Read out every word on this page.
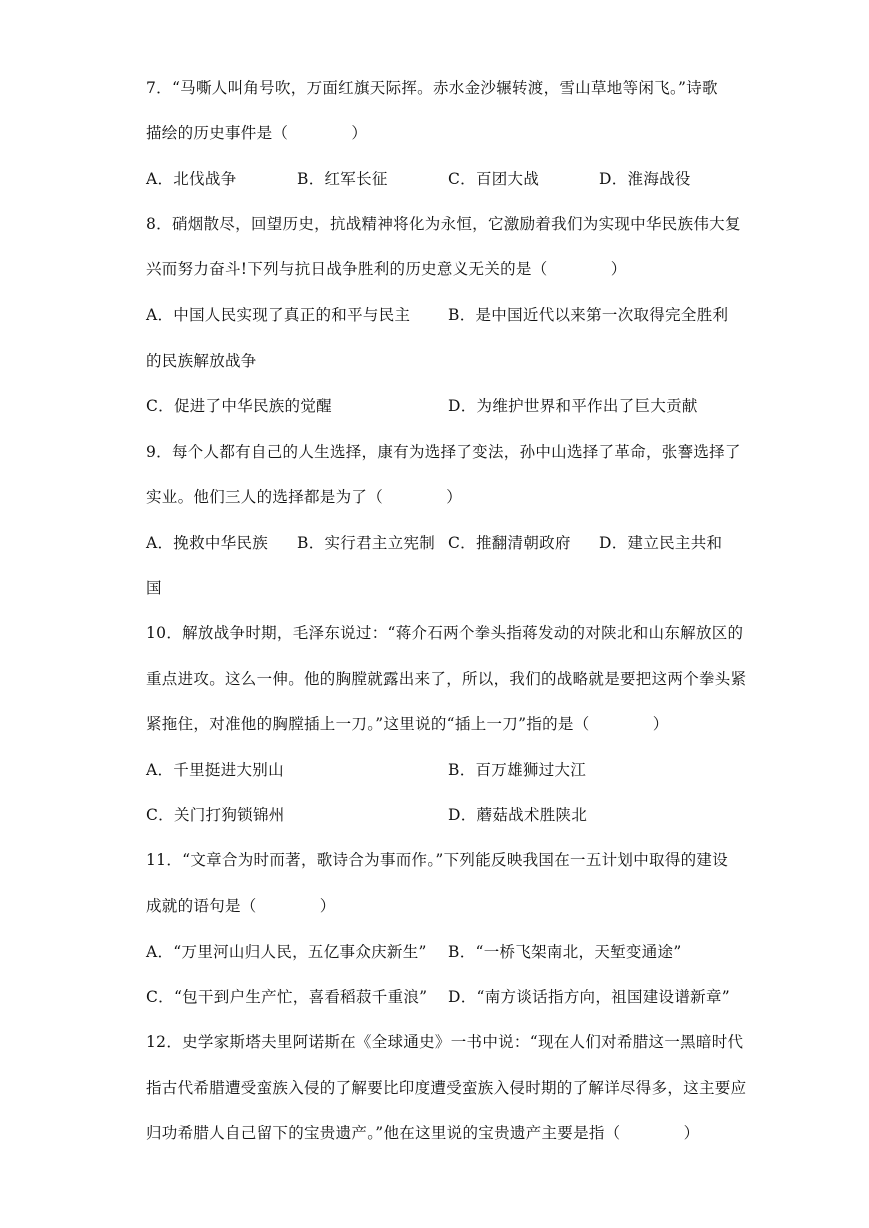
7．“马嘶人叫角号吹，万面红旗天际挥。赤水金沙辗转渡，雪山草地等闲飞。”诗歌
描绘的历史事件是（　　　　）
A．北伐战争	B．红军长征	C．百团大战	D．淮海战役
8．硝烟散尽，回望历史，抗战精神将化为永恒，它激励着我们为实现中华民族伟大复
兴而努力奋斗!下列与抗日战争胜利的历史意义无关的是（　　　　）
A．中国人民实现了真正的和平与民主 B．是中国近代以来第一次取得完全胜利
的民族解放战争
C．促进了中华民族的觉醒	D．为维护世界和平作出了巨大贡献
9．每个人都有自己的人生选择，康有为选择了变法，孙中山选择了革命，张謇选择了
实业。他们三人的选择都是为了（　　　　）
A．挽救中华民族 B．实行君主立宪制 C．推翻清朝政府 D．建立民主共和
国
10．解放战争时期，毛泽东说过：“蒋介石两个拳头指蒋发动的对陕北和山东解放区的
重点进攻。这么一伸。他的胸膛就露出来了，所以，我们的战略就是要把这两个拳头紧
紧拖住，对准他的胸膛插上一刀。”这里说的“插上一刀”指的是（　　　　）
A．千里挺进大别山	B．百万雄狮过大江
C．关门打狗锁锦州	D．蘑菇战术胜陕北
11．“文章合为时而著，歌诗合为事而作。”下列能反映我国在一五计划中取得的建设
成就的语句是（　　　　）
A．“万里河山归人民，五亿事众庆新生” B．“一桥飞架南北，天堑变通途”
C．“包干到户生产忙，喜看稻菽千重浪” D．“南方谈话指方向，祖国建设谱新章”
12．史学家斯塔夫里阿诺斯在《全球通史》一书中说：“现在人们对希腊这一黑暗时代
指古代希腊遭受蛮族入侵的了解要比印度遭受蛮族入侵时期的了解详尽得多，这主要应
归功希腊人自己留下的宝贵遗产。”他在这里说的宝贵遗产主要是指（　　　　）
